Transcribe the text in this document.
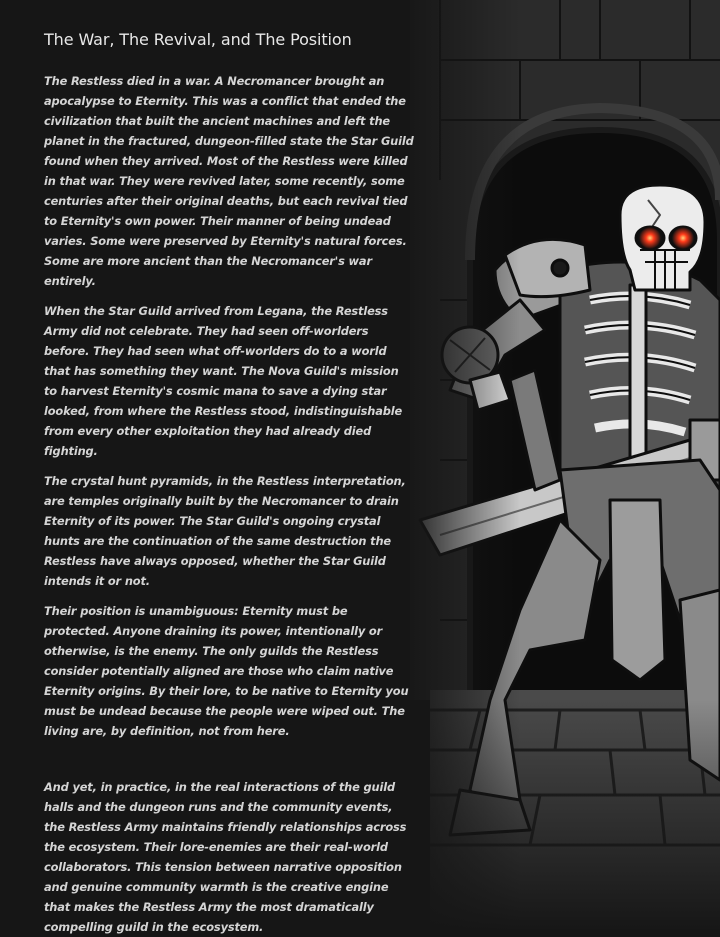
The War, The Revival, and The Position

The Restless died in a war. A Necromancer brought an apocalypse to Eternity. This was a conflict that ended the civilization that built the ancient machines and left the planet in the fractured, dungeon-filled state the Star Guild found when they arrived. Most of the Restless were killed in that war. They were revived later, some recently, some centuries after their original deaths, but each revival tied to Eternity's own power. Their manner of being undead varies. Some were preserved by Eternity's natural forces. Some are more ancient than the Necromancer's war entirely.

When the Star Guild arrived from Legana, the Restless Army did not celebrate. They had seen off-worlders before. They had seen what off-worlders do to a world that has something they want. The Nova Guild's mission to harvest Eternity's cosmic mana to save a dying star looked, from where the Restless stood, indistinguishable from every other exploitation they had already died fighting.

The crystal hunt pyramids, in the Restless interpretation, are temples originally built by the Necromancer to drain Eternity of its power. The Star Guild's ongoing crystal hunts are the continuation of the same destruction the Restless have always opposed, whether the Star Guild intends it or not.

Their position is unambiguous: Eternity must be protected. Anyone draining its power, intentionally or otherwise, is the enemy. The only guilds the Restless consider potentially aligned are those who claim native Eternity origins. By their lore, to be native to Eternity you must be undead because the people were wiped out. The living are, by definition, not from here.

And yet, in practice, in the real interactions of the guild halls and the dungeon runs and the community events, the Restless Army maintains friendly relationships across the ecosystem. Their lore-enemies are their real-world collaborators. This tension between narrative opposition and genuine community warmth is the creative engine that makes the Restless Army the most dramatically compelling guild in the ecosystem.
